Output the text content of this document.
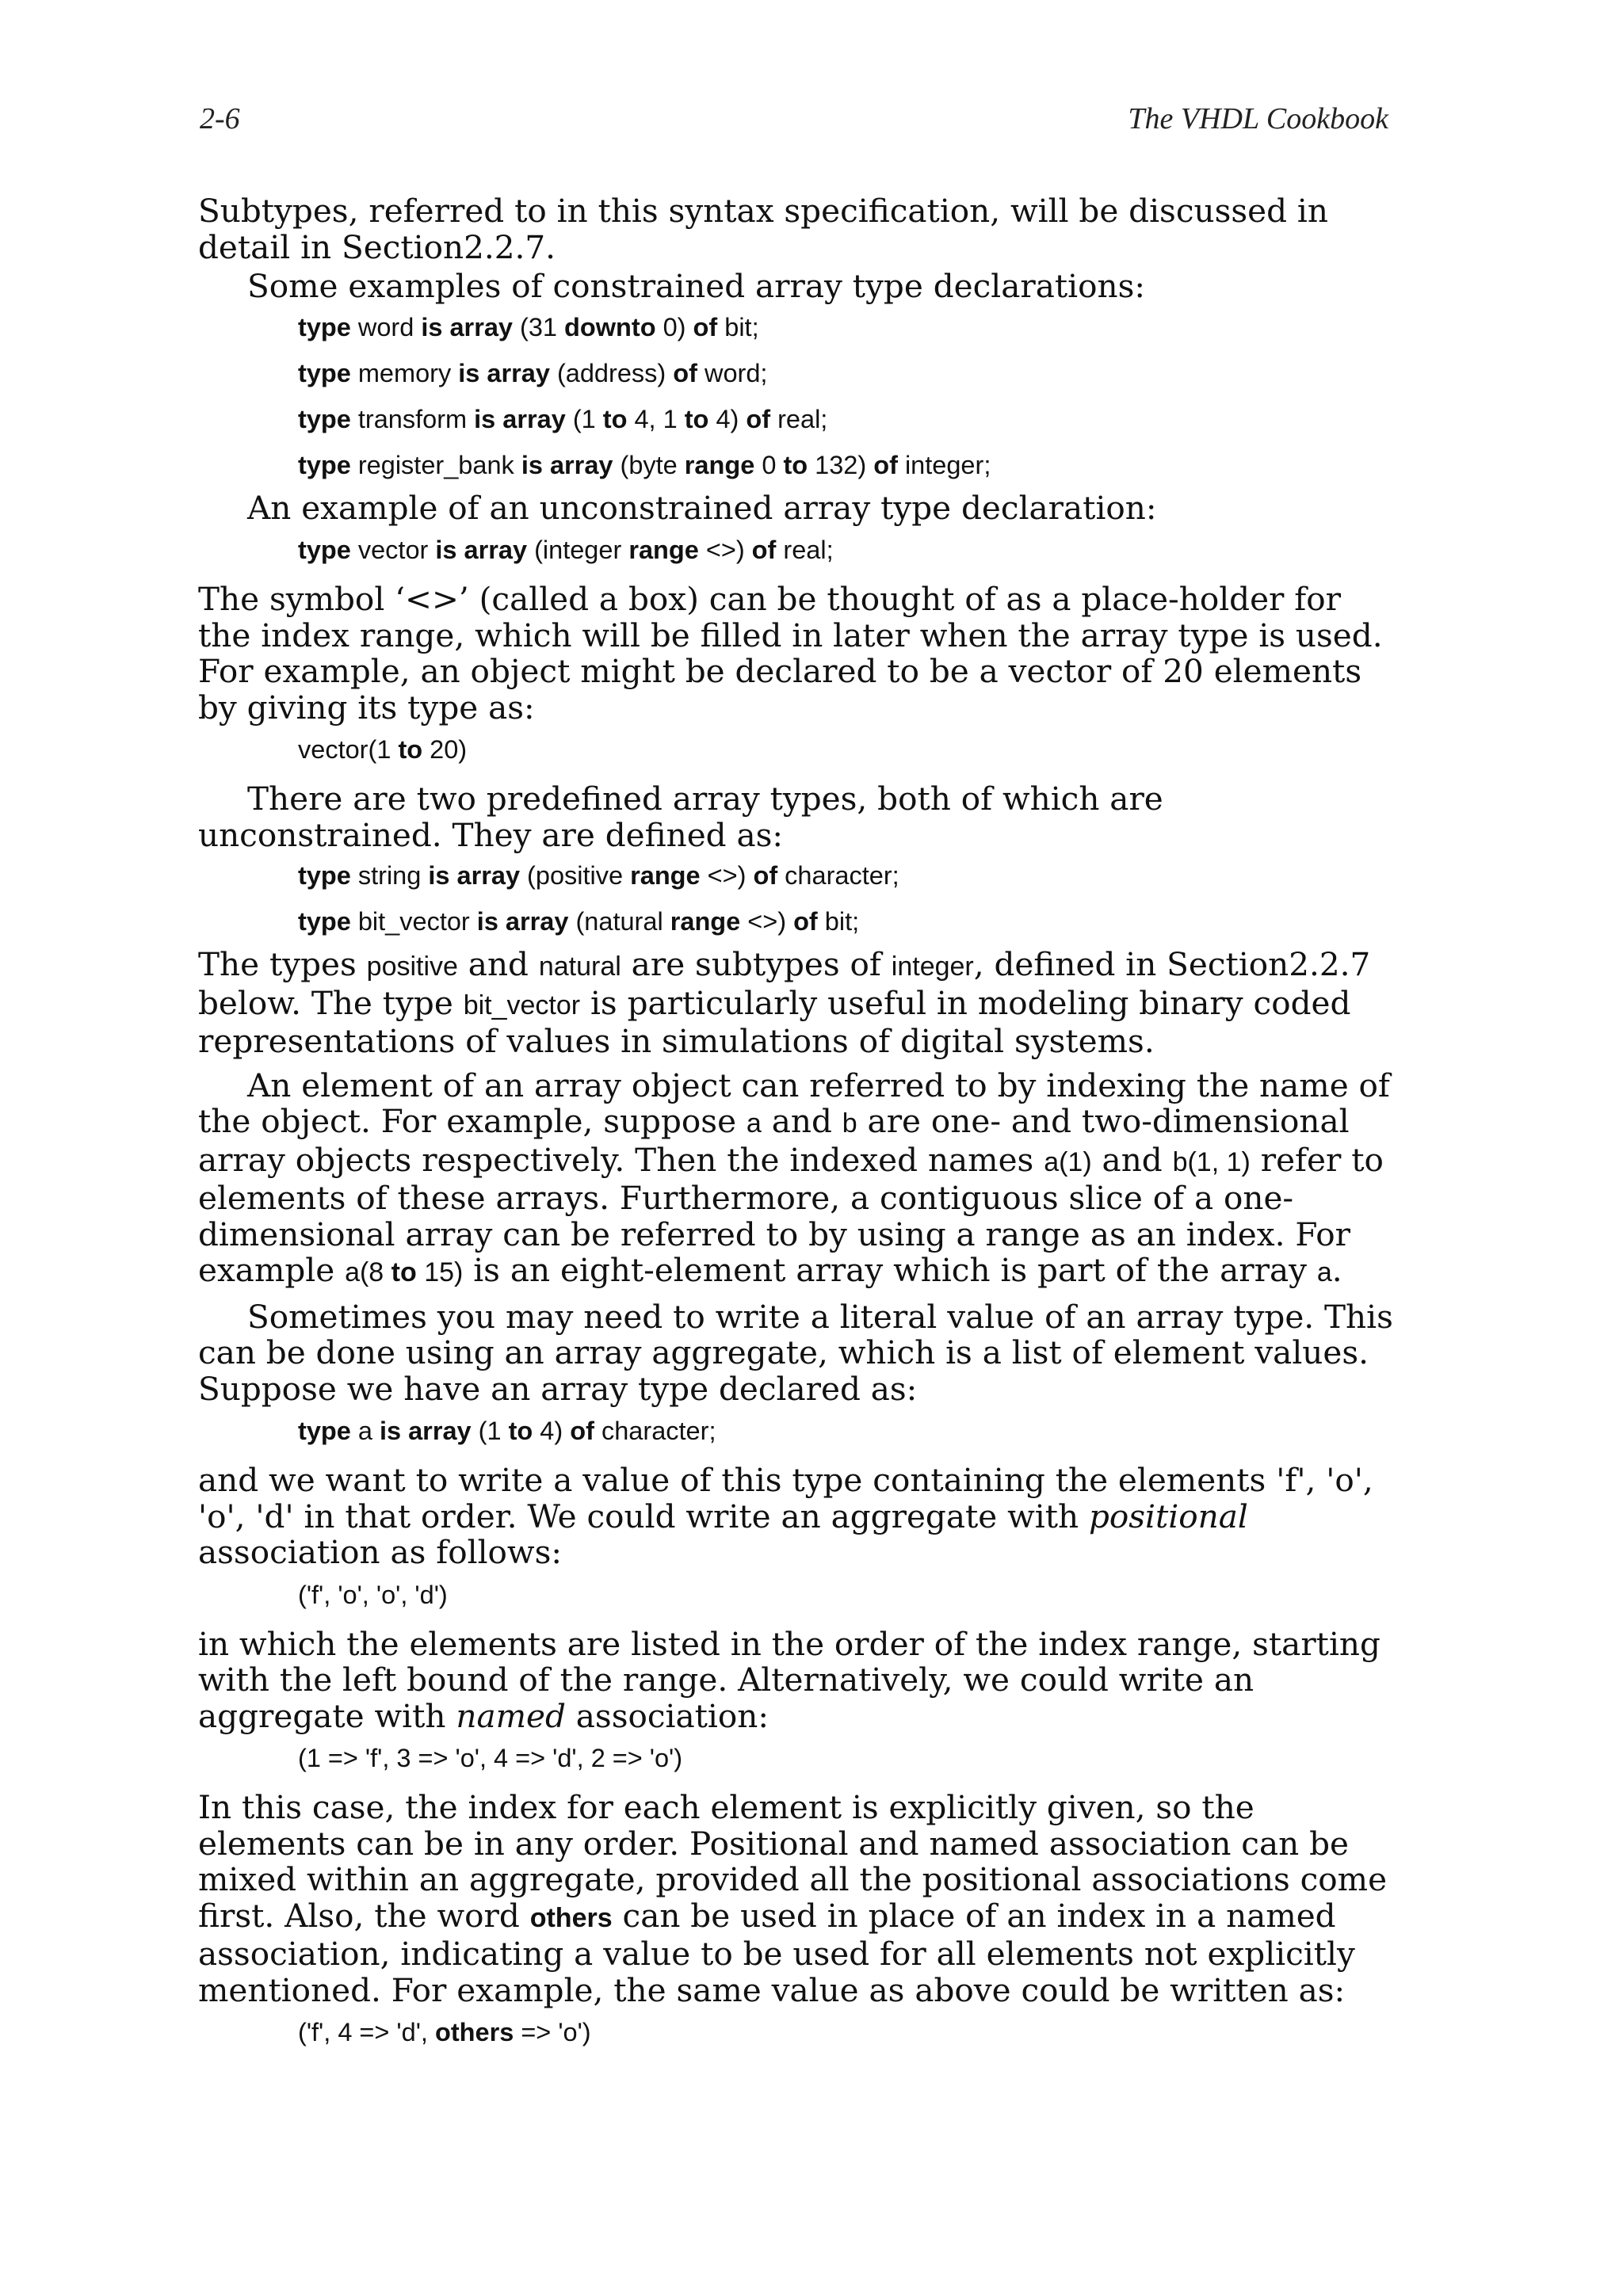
2-6	The VHDL Cookbook

Subtypes, referred to in this syntax specification, will be discussed in detail in Section2.2.7.

Some examples of constrained array type declarations:

type word is array (31 downto 0) of bit;
type memory is array (address) of word;
type transform is array (1 to 4, 1 to 4) of real;
type register_bank is array (byte range 0 to 132) of integer;

An example of an unconstrained array type declaration:

type vector is array (integer range <>) of real;

The symbol ‘<>’ (called a box) can be thought of as a place-holder for the index range, which will be filled in later when the array type is used. For example, an object might be declared to be a vector of 20 elements by giving its type as:

vector(1 to 20)

There are two predefined array types, both of which are unconstrained. They are defined as:

type string is array (positive range <>) of character;
type bit_vector is array (natural range <>) of bit;

The types positive and natural are subtypes of integer, defined in Section2.2.7 below. The type bit_vector is particularly useful in modeling binary coded representations of values in simulations of digital systems.

An element of an array object can referred to by indexing the name of the object. For example, suppose a and b are one- and two-dimensional array objects respectively. Then the indexed names a(1) and b(1, 1) refer to elements of these arrays. Furthermore, a contiguous slice of a one-dimensional array can be referred to by using a range as an index. For example a(8 to 15) is an eight-element array which is part of the array a.

Sometimes you may need to write a literal value of an array type. This can be done using an array aggregate, which is a list of element values. Suppose we have an array type declared as:

type a is array (1 to 4) of character;

and we want to write a value of this type containing the elements 'f', 'o', 'o', 'd' in that order. We could write an aggregate with positional association as follows:

('f', 'o', 'o', 'd')

in which the elements are listed in the order of the index range, starting with the left bound of the range. Alternatively, we could write an aggregate with named association:

(1 => 'f', 3 => 'o', 4 => 'd', 2 => 'o')

In this case, the index for each element is explicitly given, so the elements can be in any order. Positional and named association can be mixed within an aggregate, provided all the positional associations come first. Also, the word others can be used in place of an index in a named association, indicating a value to be used for all elements not explicitly mentioned. For example, the same value as above could be written as:

('f', 4 => 'd', others => 'o')
